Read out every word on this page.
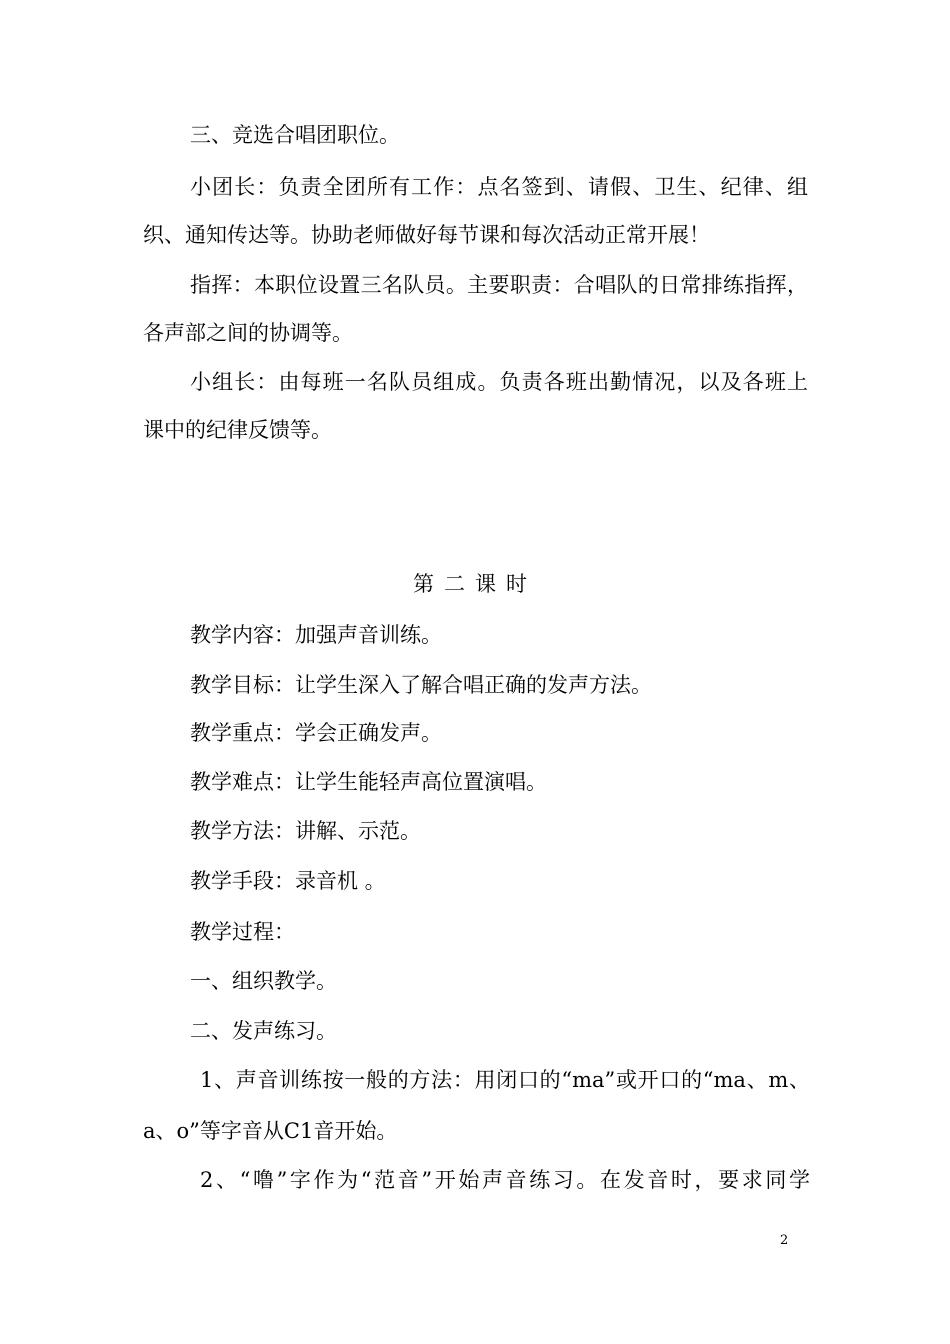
三、竞选合唱团职位。
小团长：负责全团所有工作：点名签到、请假、卫生、纪律、组
织、通知传达等。协助老师做好每节课和每次活动正常开展！
指挥：本职位设置三名队员。主要职责：合唱队的日常排练指挥，
各声部之间的协调等。
小组长：由每班一名队员组成。负责各班出勤情况，以及各班上
课中的纪律反馈等。
第二课时
教学内容：加强声音训练。
教学目标：让学生深入了解合唱正确的发声方法。
教学重点：学会正确发声。
教学难点：让学生能轻声高位置演唱。
教学方法：讲解、示范。
教学手段：录音机 。
教学过程：
一、组织教学。
二、发声练习。
1、声音训练按一般的方法：用闭口的“ma”或开口的“ma、m、
a、o”等字音从C1音开始。
2、“噜”字作为“范音”开始声音练习。在发音时，要求同学
2
